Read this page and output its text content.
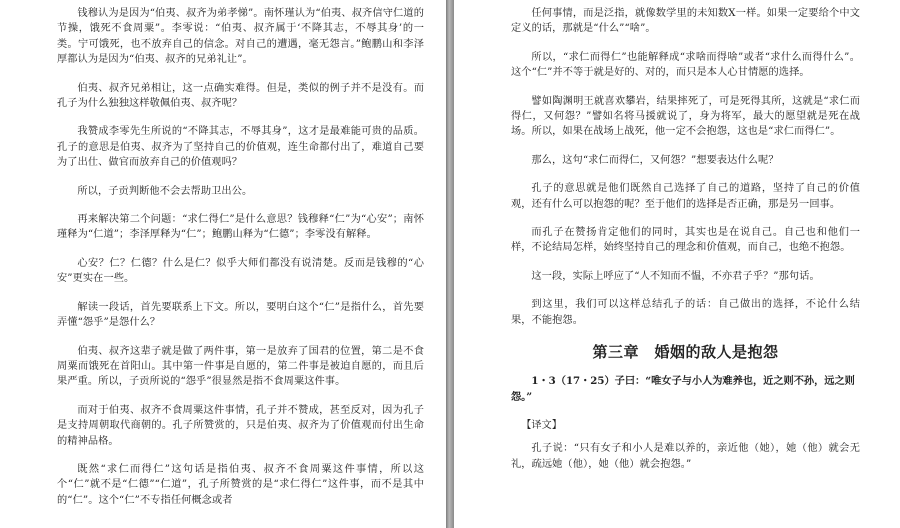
钱穆认为是因为“伯夷、叔齐为弟孝悌”。南怀瑾认为“伯夷、叔齐信守仁道的节操，饿死不食周粟”。李零说：“伯夷、叔齐属于‘不降其志，不辱其身’的一类。宁可饿死，也不放弃自己的信念。对自己的遭遇，毫无怨言。”鲍鹏山和李泽厚都认为是因为“伯夷、叔齐的兄弟礼让”。

伯夷、叔齐兄弟相让，这一点确实难得。但是，类似的例子并不是没有。而孔子为什么独独这样敬佩伯夷、叔齐呢？

我赞成李零先生所说的“不降其志，不辱其身”，这才是最难能可贵的品质。孔子的意思是伯夷、叔齐为了坚持自己的价值观，连生命都付出了，难道自己要为了出仕、做官而放弃自己的价值观吗？

所以，子贡判断他不会去帮助卫出公。

再来解决第二个问题：“求仁得仁”是什么意思？钱穆释“仁”为“心安”；南怀瑾释为“仁道”；李泽厚释为“仁”；鲍鹏山释为“仁德”；李零没有解释。

心安？仁？仁德？什么是仁？似乎大师们都没有说清楚。反而是钱穆的“心安”更实在一些。

解读一段话，首先要联系上下文。所以，要明白这个“仁”是指什么，首先要弄懂“怨乎”是怨什么？

伯夷、叔齐这辈子就是做了两件事，第一是放弃了国君的位置，第二是不食周粟而饿死在首阳山。其中第一件事是自愿的，第二件事是被迫自愿的，而且后果严重。所以，子贡所说的“怨乎”很显然是指不食周粟这件事。

而对于伯夷、叔齐不食周粟这件事情，孔子并不赞成，甚至反对，因为孔子是支持周朝取代商朝的。孔子所赞赏的，只是伯夷、叔齐为了价值观而付出生命的精神品格。

既然“求仁而得仁”这句话是指伯夷、叔齐不食周粟这件事情，所以这个“仁”就不是“仁德”“仁道”，孔子所赞赏的是“求仁得仁”这件事，而不是其中的“仁”。这个“仁”不专指任何概念或者

任何事情，而是泛指，就像数学里的未知数X一样。如果一定要给个中文定义的话，那就是“什么”“啥”。

所以，“求仁而得仁”也能解释成“求啥而得啥”或者“求什么而得什么”。这个“仁”并不等于就是好的、对的，而只是本人心甘情愿的选择。

譬如陶渊明王就喜欢攀岩，结果摔死了，可是死得其所，这就是“求仁而得仁，又何怨？”譬如名将马援就说了，身为将军，最大的愿望就是死在战场。所以，如果在战场上战死，他一定不会抱怨，这也是“求仁而得仁”。

那么，这句“求仁而得仁，又何怨？”想要表达什么呢？

孔子的意思就是他们既然自己选择了自己的道路，坚持了自己的价值观，还有什么可以抱怨的呢？至于他们的选择是否正确，那是另一回事。

而孔子在赞扬肯定他们的同时，其实也是在说自己。自己也和他们一样，不论结局怎样，始终坚持自己的理念和价值观，而自己，也绝不抱怨。

这一段，实际上呼应了“人不知而不愠，不亦君子乎？”那句话。

到这里，我们可以这样总结孔子的话：自己做出的选择，不论什么结果，不能抱怨。

第三章　婚姻的敌人是抱怨

1・3（17・25）子曰：“唯女子与小人为难养也，近之则不孙，远之则怨。”

【译文】

孔子说：“只有女子和小人是难以养的，亲近他（她），她（他）就会无礼，疏远她（他），她（他）就会抱怨。”
